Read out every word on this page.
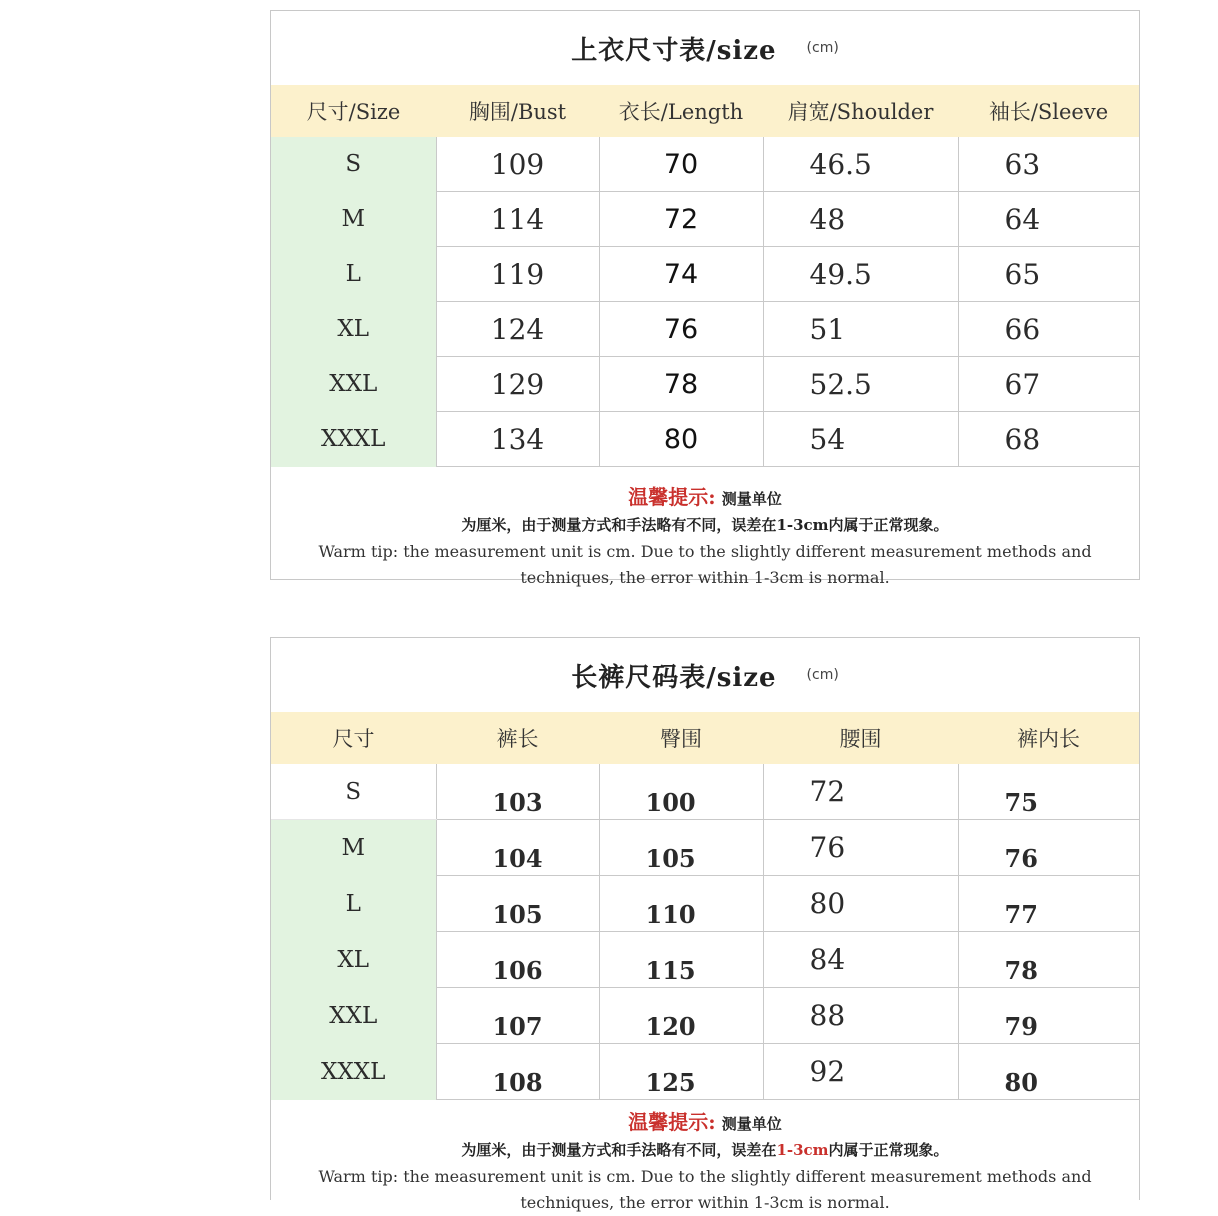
上衣尺寸表/size (cm)
尺寸/Size	胸围/Bust	衣长/Length	肩宽/Shoulder	袖长/Sleeve
S	109	70	46.5	63
M	114	72	48	64
L	119	74	49.5	65
XL	124	76	51	66
XXL	129	78	52.5	67
XXXL	134	80	54	68
温馨提示: 测量单位
为厘米，由于测量方式和手法略有不同，误差在1-3cm内属于正常现象。
Warm tip: the measurement unit is cm. Due to the slightly different measurement methods and techniques, the error within 1-3cm is normal.
长裤尺码表/size (cm)
尺寸	裤长	臀围	腰围	裤内长
S	103	100	72	75
M	104	105	76	76
L	105	110	80	77
XL	106	115	84	78
XXL	107	120	88	79
XXXL	108	125	92	80
温馨提示: 测量单位
为厘米，由于测量方式和手法略有不同，误差在1-3cm内属于正常现象。
Warm tip: the measurement unit is cm. Due to the slightly different measurement methods and techniques, the error within 1-3cm is normal.
